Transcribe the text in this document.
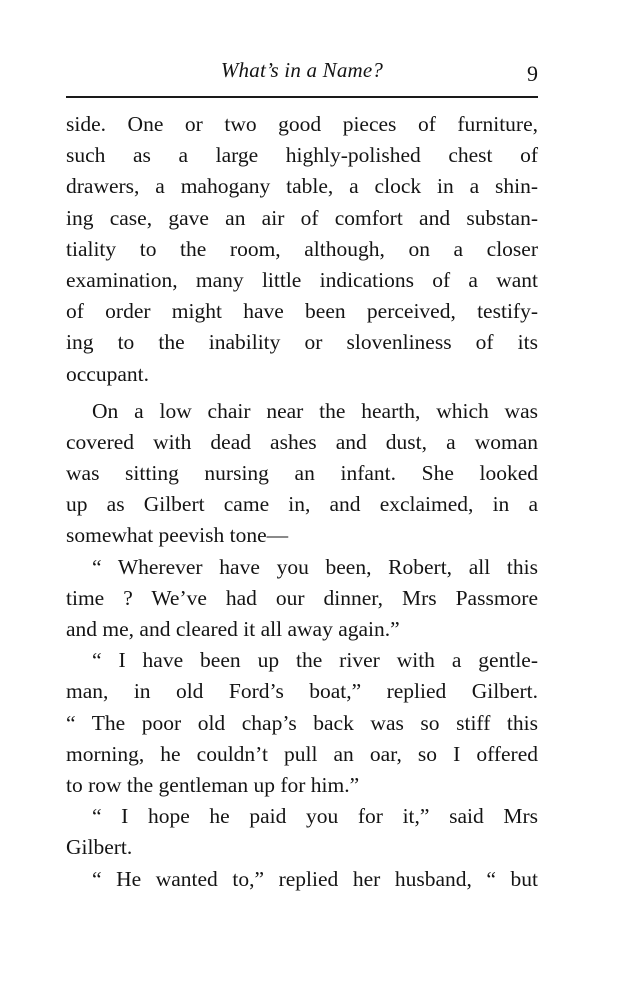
What’s in a Name?	9
side. One or two good pieces of furniture,
such as a large highly-polished chest of
drawers, a mahogany table, a clock in a shin-
ing case, gave an air of comfort and substan-
tiality to the room, although, on a closer
examination, many little indications of a want
of order might have been perceived, testify-
ing to the inability or slovenliness of its
occupant.
On a low chair near the hearth, which was
covered with dead ashes and dust, a woman
was sitting nursing an infant. She looked
up as Gilbert came in, and exclaimed, in a
somewhat peevish tone—
“ Wherever have you been, Robert, all this
time ? We’ve had our dinner, Mrs Passmore
and me, and cleared it all away again.”
“ I have been up the river with a gentle-
man, in old Ford’s boat,” replied Gilbert.
“ The poor old chap’s back was so stiff this
morning, he couldn’t pull an oar, so I offered
to row the gentleman up for him.”
“ I hope he paid you for it,” said Mrs
Gilbert.
“ He wanted to,” replied her husband, “ but
